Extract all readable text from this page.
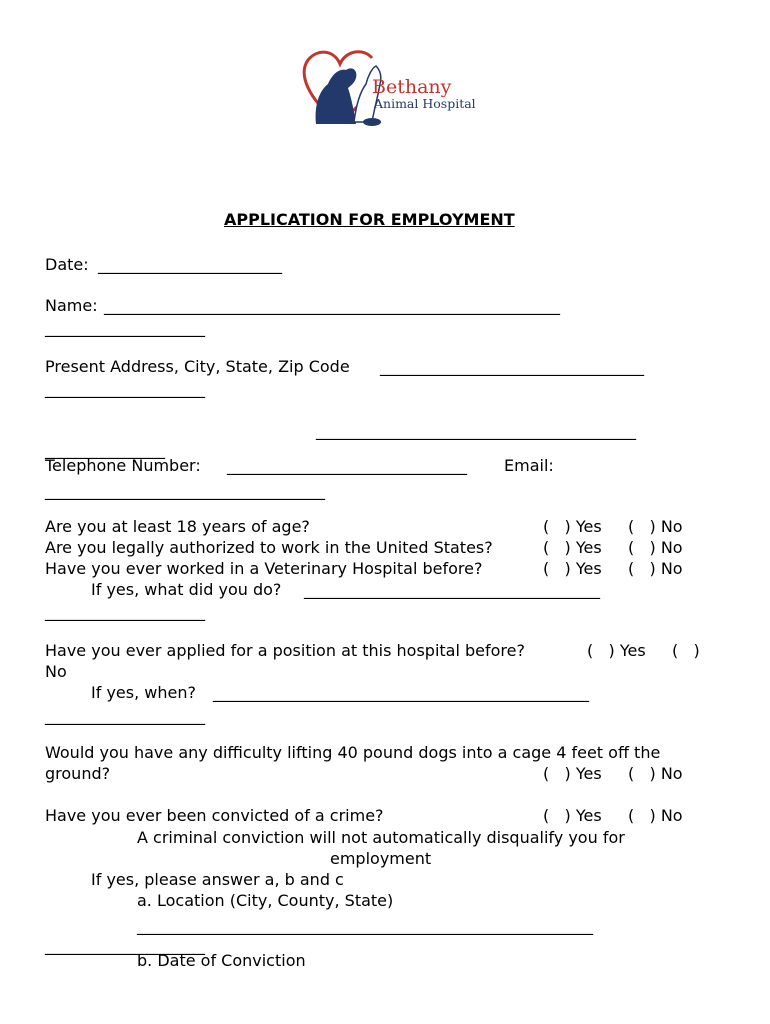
Bethany
Animal Hospital
APPLICATION FOR EMPLOYMENT
Date: _______________________
Name: _________________________________________________________
____________________
Present Address, City, State, Zip Code _________________________________
____________________
________________________________________
_______________
Telephone Number: ______________________________ Email:
___________________________________
Are you at least 18 years of age?	(   ) Yes (   ) No
Are you legally authorized to work in the United States?	(   ) Yes (   ) No
Have you ever worked in a Veterinary Hospital before?	(   ) Yes (   ) No
If yes, what did you do? _____________________________________
____________________
Have you ever applied for a position at this hospital before?	(   ) Yes (   )
No
If yes, when? _______________________________________________
____________________
Would you have any difficulty lifting 40 pound dogs into a cage 4 feet off the
ground?	(   ) Yes (   ) No
Have you ever been convicted of a crime?	(   ) Yes (   ) No
A criminal conviction will not automatically disqualify you for
employment
If yes, please answer a, b and c
a. Location (City, County, State)
_________________________________________________________
____________________
b. Date of Conviction
